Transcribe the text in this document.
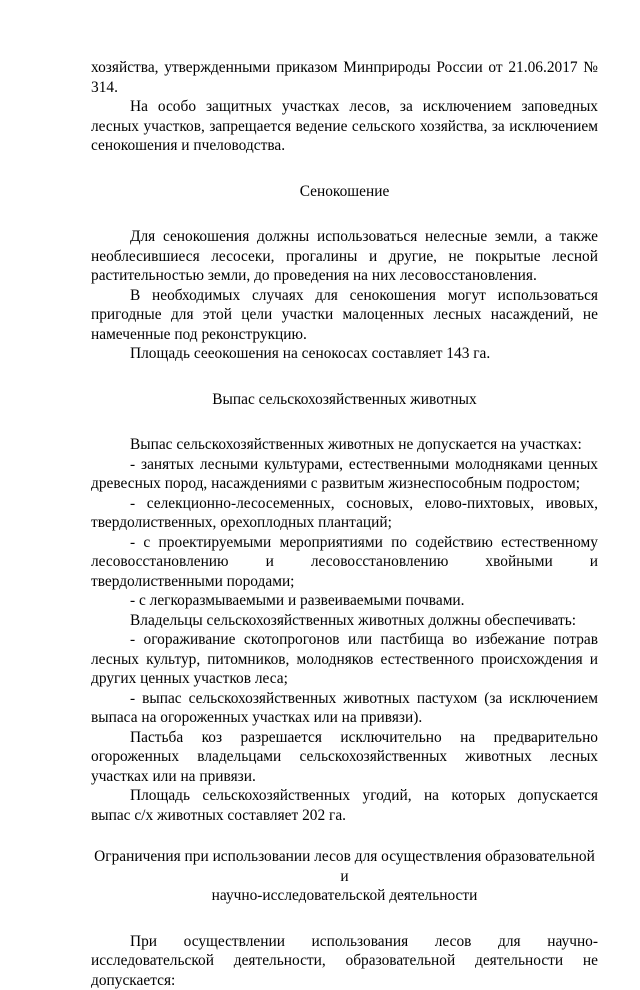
хозяйства, утвержденными приказом Минприроды России от 21.06.2017 № 314.

На особо защитных участках лесов, за исключением заповедных лесных участков, запрещается ведение сельского хозяйства, за исключением сенокошения и пчеловодства.

Сенокошение

Для сенокошения должны использоваться нелесные земли, а также необлесившиеся лесосеки, прогалины и другие, не покрытые лесной растительностью земли, до проведения на них лесовосстановления.

В необходимых случаях для сенокошения могут использоваться пригодные для этой цели участки малоценных лесных насаждений, не намеченные под реконструкцию.

Площадь сееокошения на сенокосах составляет 143 га.

Выпас сельскохозяйственных животных

Выпас сельскохозяйственных животных не допускается на участках:

- занятых лесными культурами, естественными молодняками ценных древесных пород, насаждениями с развитым жизнеспособным подростом;

- селекционно-лесосеменных, сосновых, елово-пихтовых, ивовых, твердолиственных, орехоплодных плантаций;

- с проектируемыми мероприятиями по содействию естественному лесовосстановлению и лесовосстановлению хвойными и твердолиственными породами;

- с легкоразмываемыми и развеиваемыми почвами.

Владельцы сельскохозяйственных животных должны обеспечивать:

- огораживание скотопрогонов или пастбища во избежание потрав лесных культур, питомников, молодняков естественного происхождения и других ценных участков леса;

- выпас сельскохозяйственных животных пастухом (за исключением выпаса на огороженных участках или на привязи).

Пастьба коз разрешается исключительно на предварительно огороженных владельцами сельскохозяйственных животных лесных участках или на привязи.

Площадь сельскохозяйственных угодий, на которых допускается выпас с/х животных составляет 202 га.

Ограничения при использовании лесов для осуществления образовательной и

научно-исследовательской деятельности

При осуществлении использования лесов для научно-исследовательской деятельности, образовательной деятельности не допускается:
